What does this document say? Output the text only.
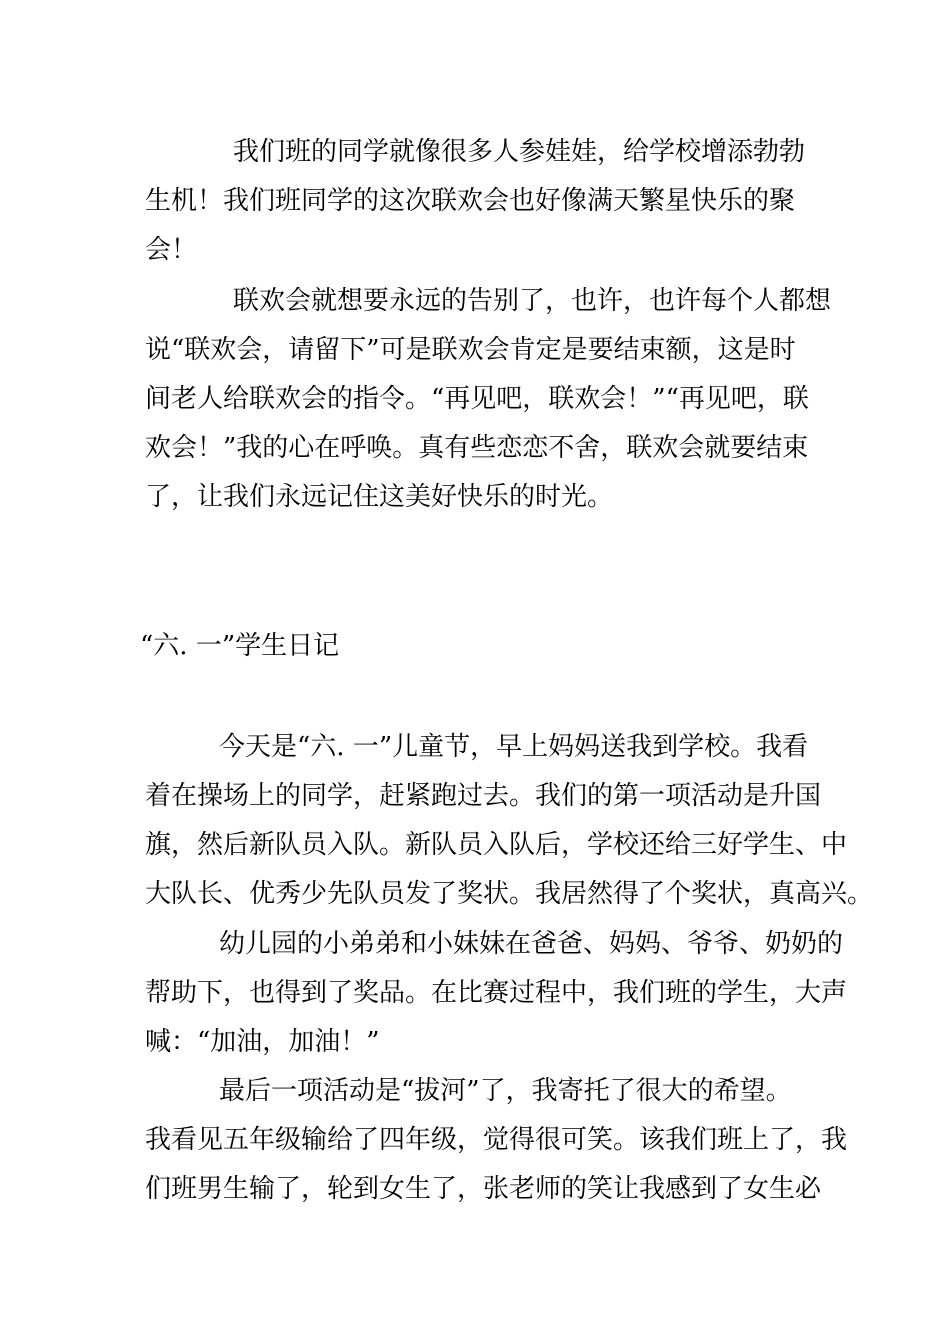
我们班的同学就像很多人参娃娃，给学校增添勃勃
生机！我们班同学的这次联欢会也好像满天繁星快乐的聚
会！
联欢会就想要永远的告别了，也许，也许每个人都想
说“联欢会，请留下”可是联欢会肯定是要结束额，这是时
间老人给联欢会的指令。“再见吧，联欢会！”“再见吧，联
欢会！”我的心在呼唤。真有些恋恋不舍，联欢会就要结束
了，让我们永远记住这美好快乐的时光。
“六. 一”学生日记
今天是“六. 一”儿童节，早上妈妈送我到学校。我看
着在操场上的同学，赶紧跑过去。我们的第一项活动是升国
旗，然后新队员入队。新队员入队后，学校还给三好学生、中
大队长、优秀少先队员发了奖状。我居然得了个奖状，真高兴。
幼儿园的小弟弟和小妹妹在爸爸、妈妈、爷爷、奶奶的
帮助下，也得到了奖品。在比赛过程中，我们班的学生，大声
喊：“加油，加油！”
最后一项活动是“拔河”了，我寄托了很大的希望。
我看见五年级输给了四年级，觉得很可笑。该我们班上了，我
们班男生输了，轮到女生了，张老师的笑让我感到了女生必
